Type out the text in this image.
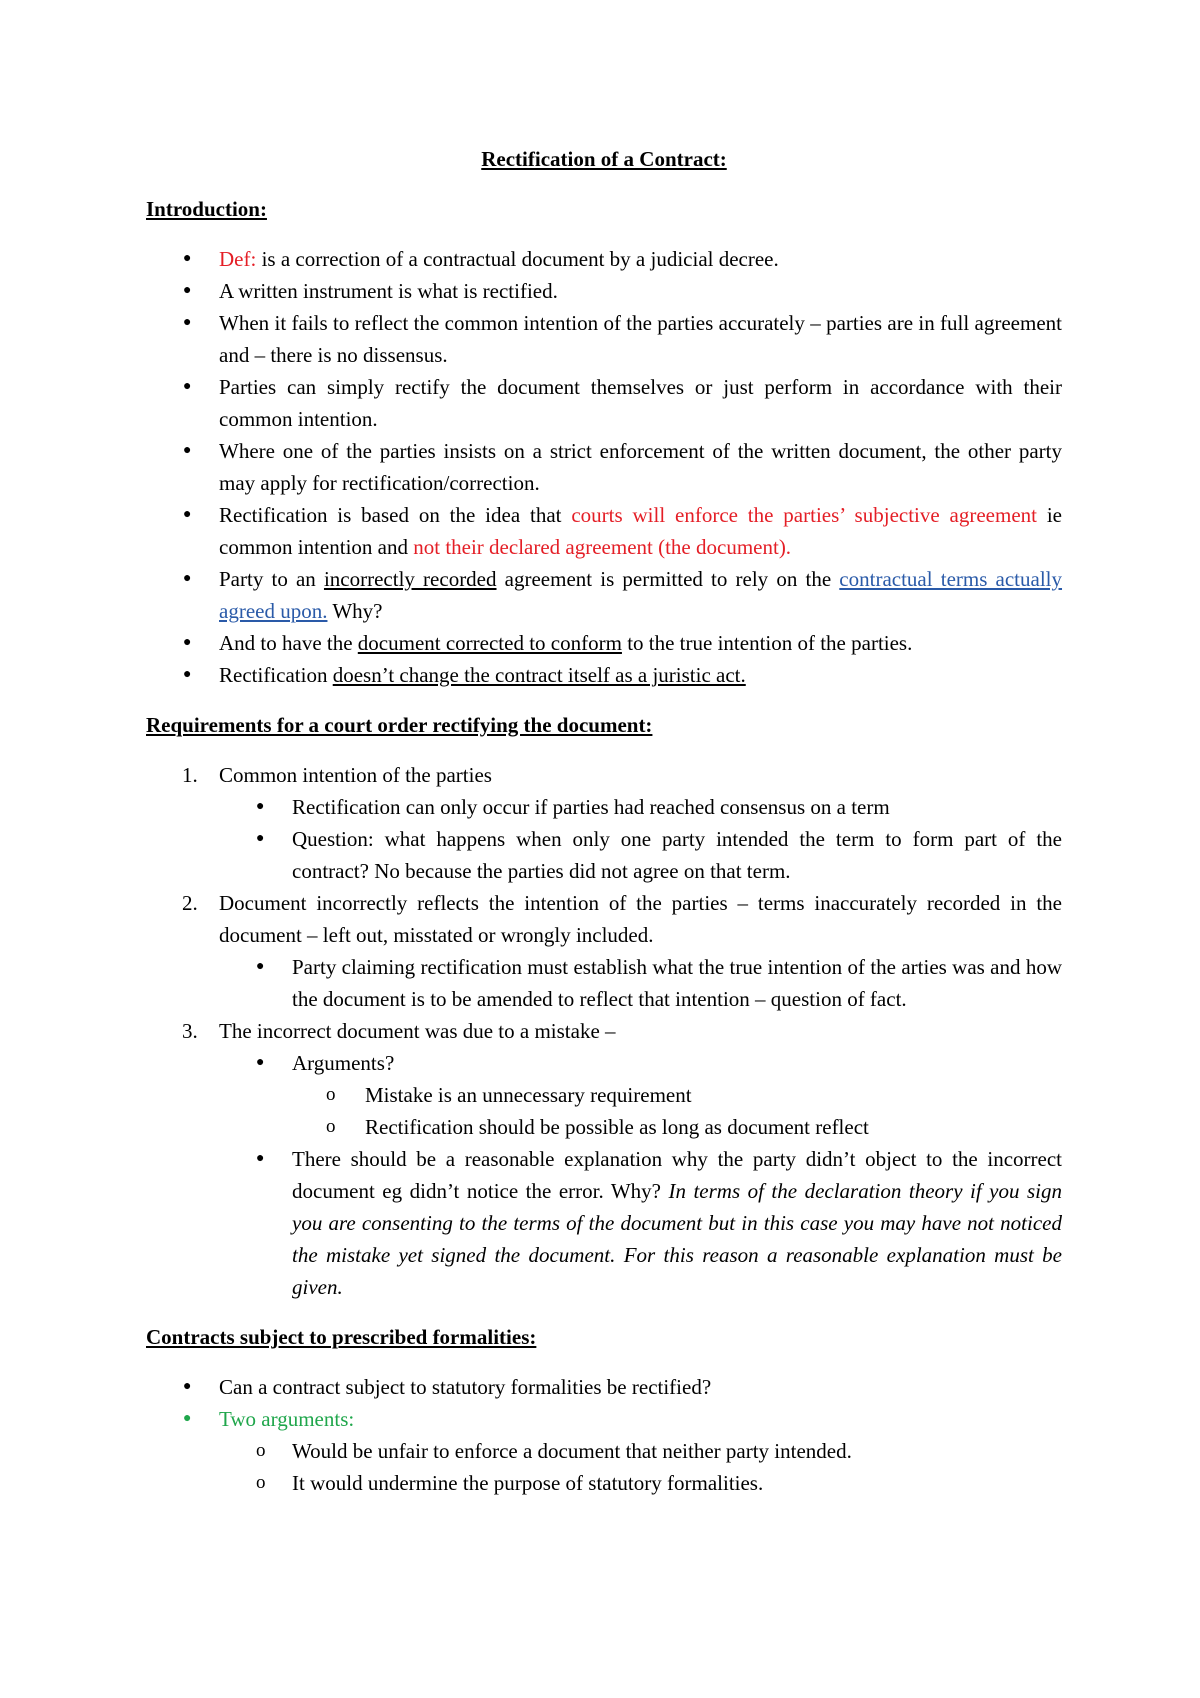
Rectification of a Contract:

Introduction:

● Def: is a correction of a contractual document by a judicial decree.
● A written instrument is what is rectified.
● When it fails to reflect the common intention of the parties accurately – parties are in full agreement and – there is no dissensus.
● Parties can simply rectify the document themselves or just perform in accordance with their common intention.
● Where one of the parties insists on a strict enforcement of the written document, the other party may apply for rectification/correction.
● Rectification is based on the idea that courts will enforce the parties’ subjective agreement ie common intention and not their declared agreement (the document).
● Party to an incorrectly recorded agreement is permitted to rely on the contractual terms actually agreed upon. Why?
● And to have the document corrected to conform to the true intention of the parties.
● Rectification doesn’t change the contract itself as a juristic act.

Requirements for a court order rectifying the document:

1. Common intention of the parties
● Rectification can only occur if parties had reached consensus on a term
● Question: what happens when only one party intended the term to form part of the contract? No because the parties did not agree on that term.
2. Document incorrectly reflects the intention of the parties – terms inaccurately recorded in the document – left out, misstated or wrongly included.
● Party claiming rectification must establish what the true intention of the arties was and how the document is to be amended to reflect that intention – question of fact.
3. The incorrect document was due to a mistake –
● Arguments?
o Mistake is an unnecessary requirement
o Rectification should be possible as long as document reflect
● There should be a reasonable explanation why the party didn’t object to the incorrect document eg didn’t notice the error. Why? In terms of the declaration theory if you sign you are consenting to the terms of the document but in this case you may have not noticed the mistake yet signed the document. For this reason a reasonable explanation must be given.

Contracts subject to prescribed formalities:

● Can a contract subject to statutory formalities be rectified?
● Two arguments:
o Would be unfair to enforce a document that neither party intended.
o It would undermine the purpose of statutory formalities.
